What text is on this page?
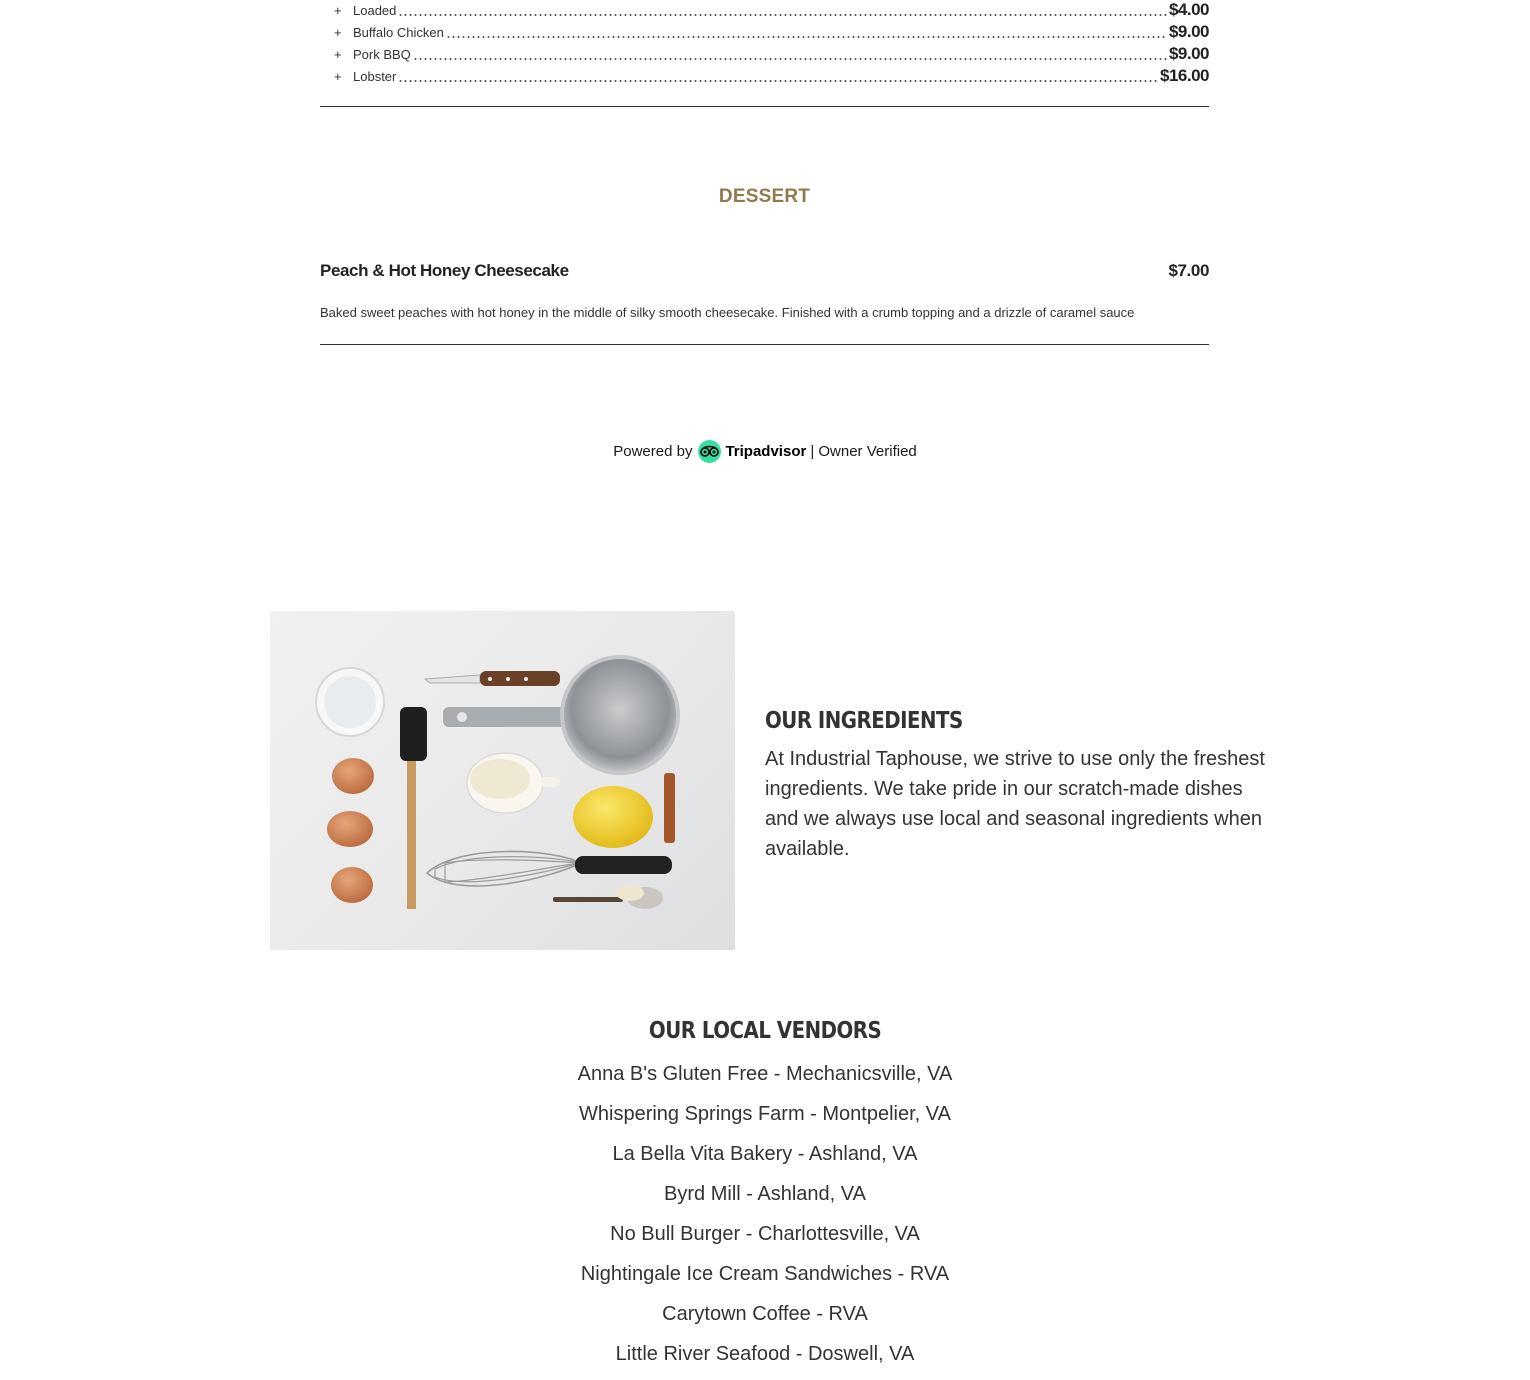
+ Loaded	$4.00
+ Buffalo Chicken	$9.00
+ Pork BBQ	$9.00
+ Lobster	$16.00
DESSERT
Peach & Hot Honey Cheesecake	$7.00
Baked sweet peaches with hot honey in the middle of silky smooth cheesecake. Finished with a crumb topping and a drizzle of caramel sauce
Powered by Tripadvisor | Owner Verified
OUR INGREDIENTS

At Industrial Taphouse, we strive to use only the freshest ingredients. We take pride in our scratch-made dishes and we always use local and seasonal ingredients when available.

OUR LOCAL VENDORS
Anna B's Gluten Free - Mechanicsville, VA
Whispering Springs Farm - Montpelier, VA
La Bella Vita Bakery - Ashland, VA
Byrd Mill - Ashland, VA
No Bull Burger - Charlottesville, VA
Nightingale Ice Cream Sandwiches - RVA
Carytown Coffee - RVA
Little River Seafood - Doswell, VA
